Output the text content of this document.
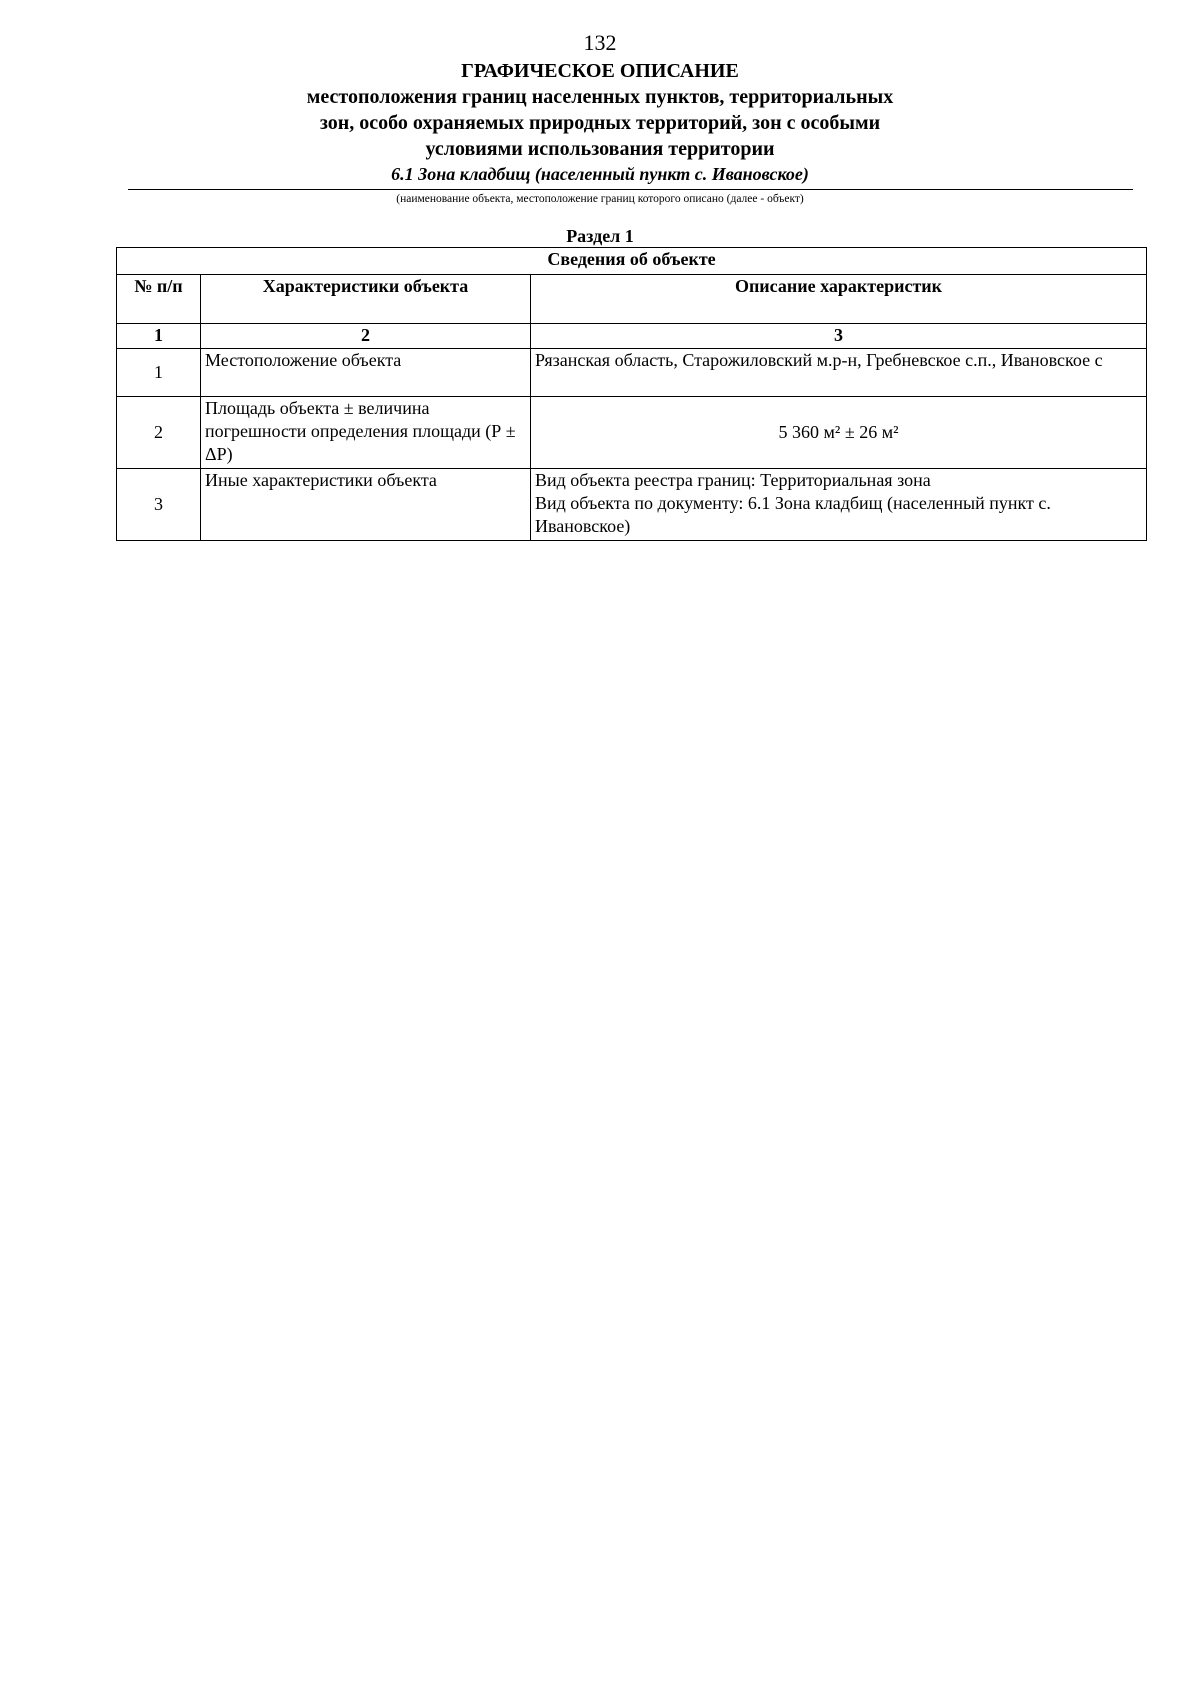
132
ГРАФИЧЕСКОЕ ОПИСАНИЕ
местоположения границ населенных пунктов, территориальных
зон, особо охраняемых природных территорий, зон с особыми
условиями использования территории
6.1 Зона кладбищ (населенный пункт с. Ивановское)
(наименование объекта, местоположение границ которого описано (далее - объект)
Раздел 1
Сведения об объекте		
№ п/п	Характеристики объекта	Описание характеристик
1	2	3
1	Местоположение объекта	Рязанская область, Старожиловский м.р-н, Гребневское с.п., Ивановское с
2	Площадь объекта ± величина погрешности определения площади (Р ± ΔР)	5 360 м² ± 26 м²
3	Иные характеристики объекта	Вид объекта реестра границ: Территориальная зона
Вид объекта по документу: 6.1 Зона кладбищ (населенный пункт с. Ивановское)
